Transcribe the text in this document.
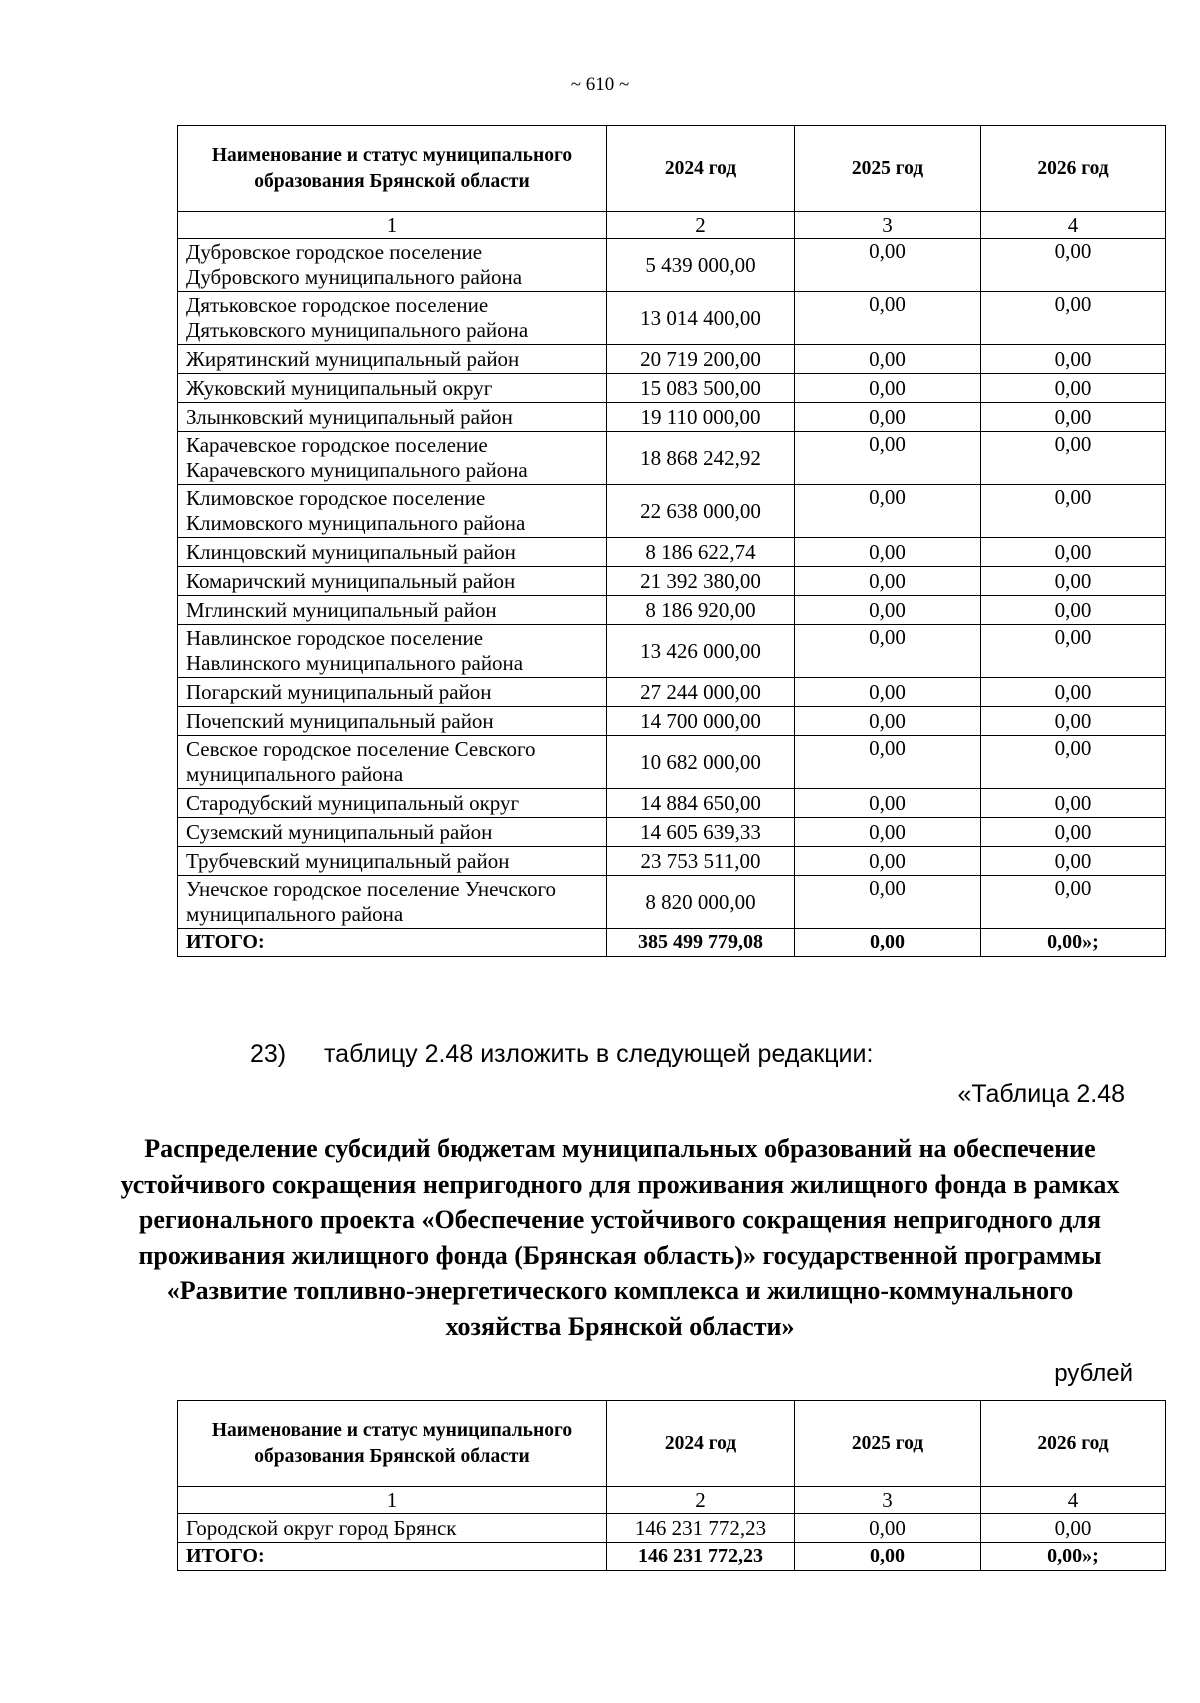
~ 610 ~
Наименование и статус муниципального образования Брянской области	2024 год	2025 год	2026 год
1	2	3	4
Дубровское городское поселение Дубровского муниципального района	5 439 000,00	0,00	0,00
Дятьковское городское поселение Дятьковского муниципального района	13 014 400,00	0,00	0,00
Жирятинский муниципальный район	20 719 200,00	0,00	0,00
Жуковский муниципальный округ	15 083 500,00	0,00	0,00
Злынковский муниципальный район	19 110 000,00	0,00	0,00
Карачевское городское поселение Карачевского муниципального района	18 868 242,92	0,00	0,00
Климовское городское поселение Климовского муниципального района	22 638 000,00	0,00	0,00
Клинцовский муниципальный район	8 186 622,74	0,00	0,00
Комаричский муниципальный район	21 392 380,00	0,00	0,00
Мглинский муниципальный район	8 186 920,00	0,00	0,00
Навлинское городское поселение Навлинского муниципального района	13 426 000,00	0,00	0,00
Погарский муниципальный район	27 244 000,00	0,00	0,00
Почепский муниципальный район	14 700 000,00	0,00	0,00
Севское городское поселение Севского муниципального района	10 682 000,00	0,00	0,00
Стародубский муниципальный округ	14 884 650,00	0,00	0,00
Суземский муниципальный район	14 605 639,33	0,00	0,00
Трубчевский муниципальный район	23 753 511,00	0,00	0,00
Унечское городское поселение Унечского муниципального района	8 820 000,00	0,00	0,00
ИТОГО:	385 499 779,08	0,00	0,00»;
23) таблицу 2.48 изложить в следующей редакции:
«Таблица 2.48
Распределение субсидий бюджетам муниципальных образований на обеспечение устойчивого сокращения непригодного для проживания жилищного фонда в рамках регионального проекта «Обеспечение устойчивого сокращения непригодного для проживания жилищного фонда (Брянская область)» государственной программы «Развитие топливно-энергетического комплекса и жилищно-коммунального хозяйства Брянской области»
рублей
Наименование и статус муниципального образования Брянской области	2024 год	2025 год	2026 год
1	2	3	4
Городской округ город Брянск	146 231 772,23	0,00	0,00
ИТОГО:	146 231 772,23	0,00	0,00»;
